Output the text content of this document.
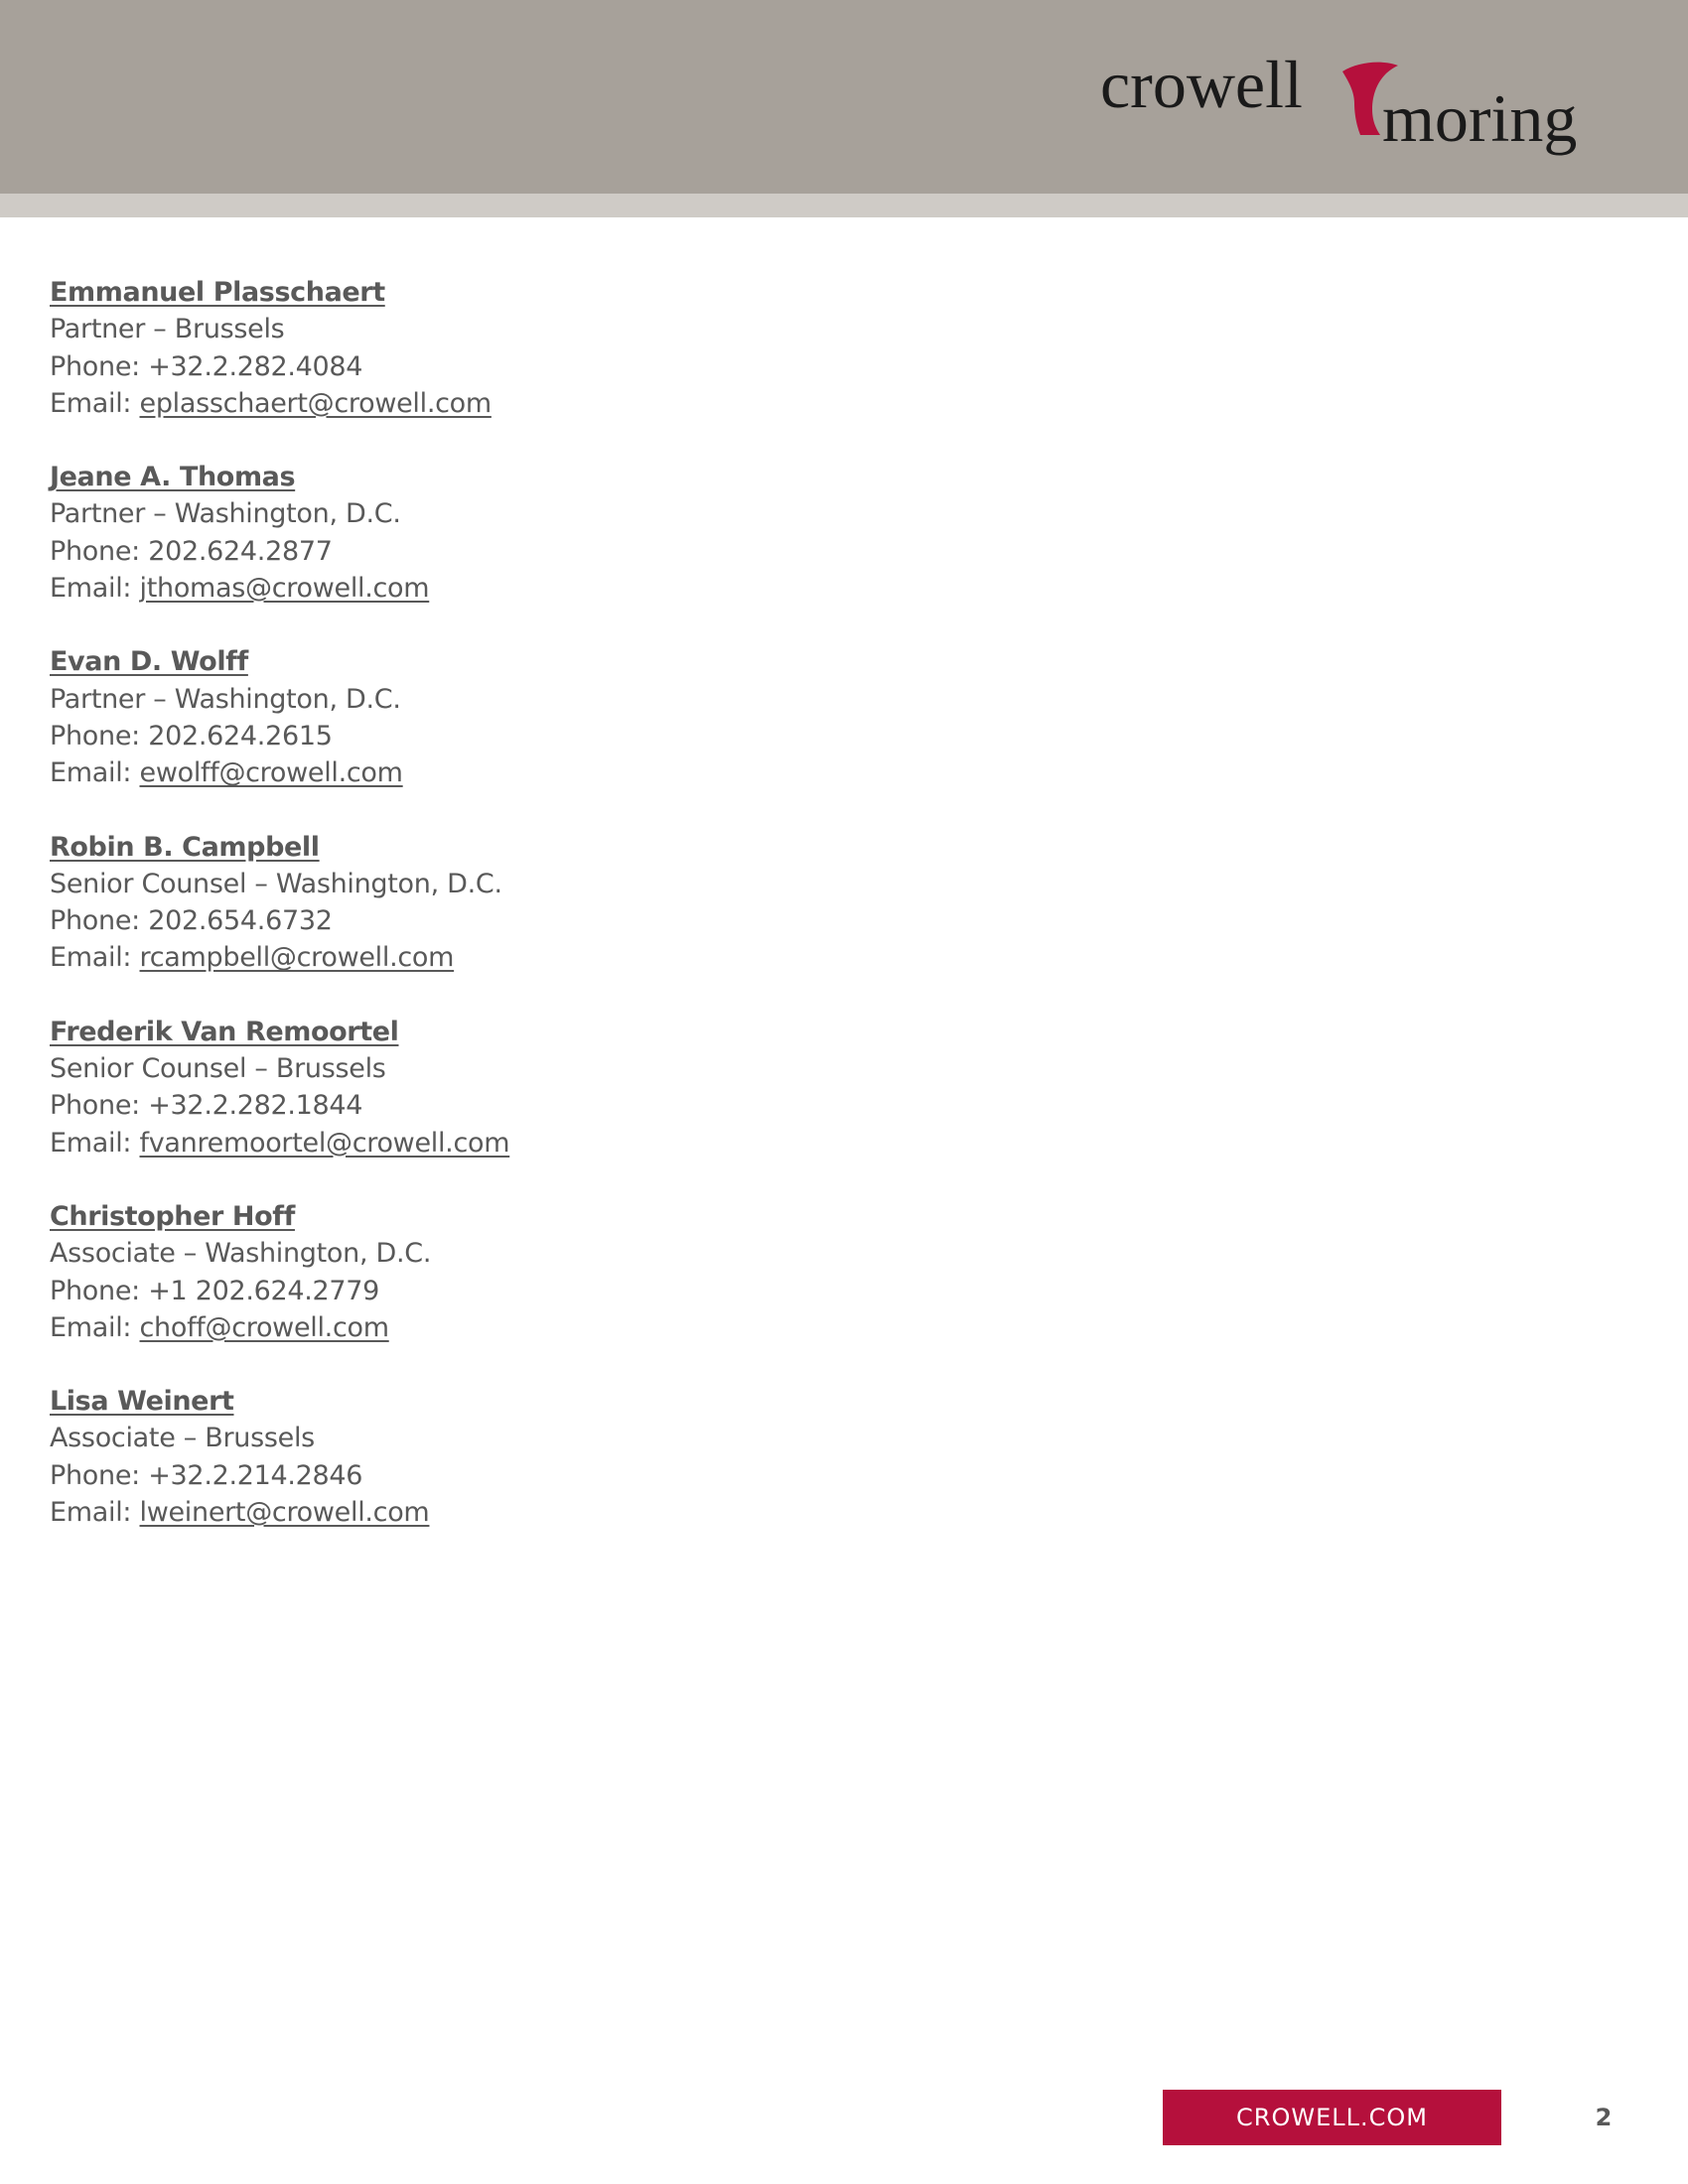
crowell moring
Emmanuel Plasschaert
Partner – Brussels
Phone: +32.2.282.4084
Email: eplasschaert@crowell.com
Jeane A. Thomas
Partner – Washington, D.C.
Phone: 202.624.2877
Email: jthomas@crowell.com
Evan D. Wolff
Partner – Washington, D.C.
Phone: 202.624.2615
Email: ewolff@crowell.com
Robin B. Campbell
Senior Counsel – Washington, D.C.
Phone: 202.654.6732
Email: rcampbell@crowell.com
Frederik Van Remoortel
Senior Counsel – Brussels
Phone: +32.2.282.1844
Email: fvanremoortel@crowell.com
Christopher Hoff
Associate – Washington, D.C.
Phone: +1 202.624.2779
Email: choff@crowell.com
Lisa Weinert
Associate – Brussels
Phone: +32.2.214.2846
Email: lweinert@crowell.com
CROWELL.COM	2
